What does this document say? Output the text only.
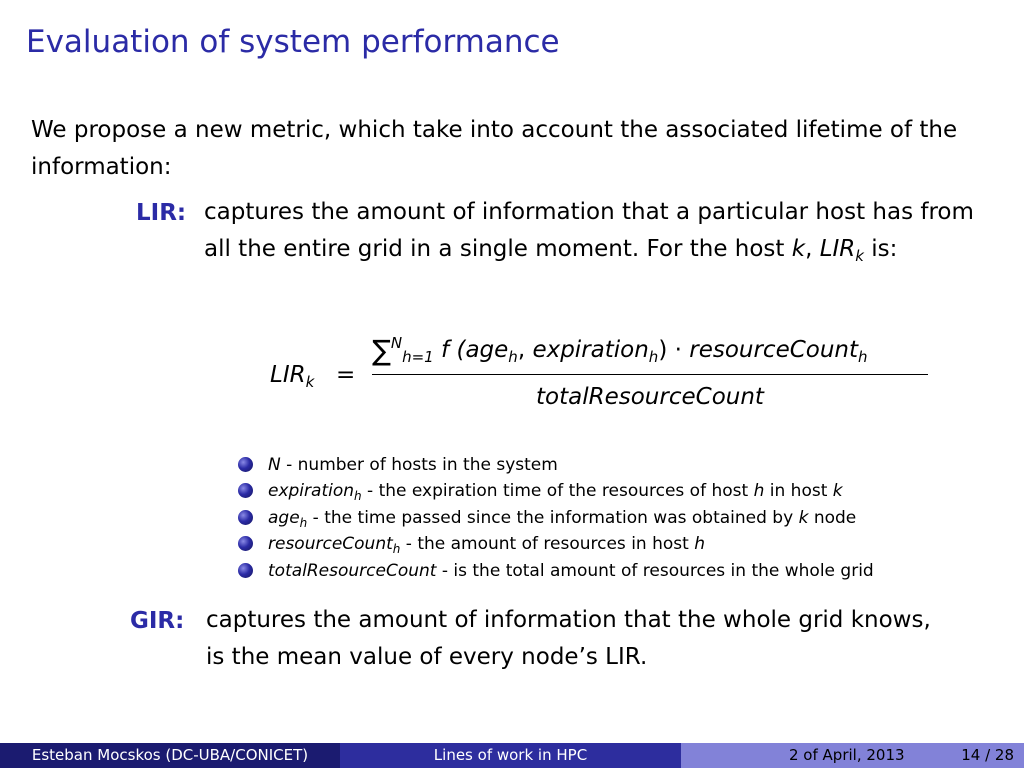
Evaluation of system performance
We propose a new metric, which take into account the associated lifetime of the information:
LIR: captures the amount of information that a particular host has from all the entire grid in a single moment. For the host k, $LIR_k$ is:
$LIR_k$ =
∑$^N_{h=1}$ f (age$_h$, expiration$_h$) · resourceCount$_h$
totalResourceCount
N - number of hosts in the system
expiration$_h$ - the expiration time of the resources of host h in host k
age$_h$ - the time passed since the information was obtained by k node
resourceCount$_h$ - the amount of resources in host h
totalResourceCount - is the total amount of resources in the whole grid
GIR: captures the amount of information that the whole grid knows, is the mean value of every node’s LIR.
Esteban Mocskos (DC-UBA/CONICET)	Lines of work in HPC	2 of April, 2013	14 / 28
